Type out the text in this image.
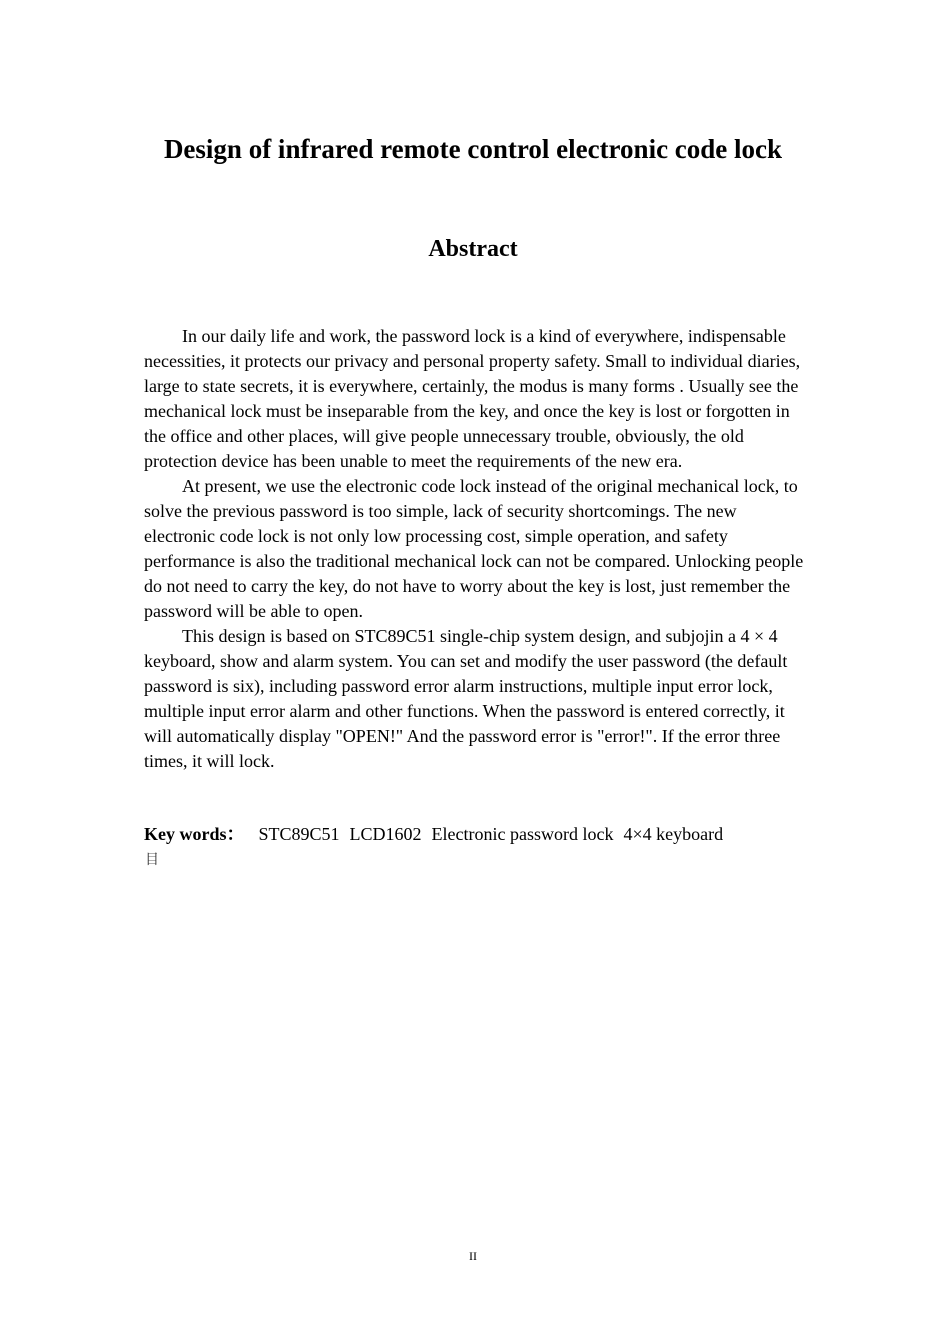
Design of infrared remote control electronic code lock
Abstract

In our daily life and work, the password lock is a kind of everywhere, indispensable necessities, it protects our privacy and personal property safety. Small to individual diaries, large to state secrets, it is everywhere, certainly, the modus is many forms . Usually see the mechanical lock must be inseparable from the key, and once the key is lost or forgotten in the office and other places, will give people unnecessary trouble, obviously, the old protection device has been unable to meet the requirements of the new era.

At present, we use the electronic code lock instead of the original mechanical lock, to solve the previous password is too simple, lack of security shortcomings. The new electronic code lock is not only low processing cost, simple operation, and safety performance is also the traditional mechanical lock can not be compared. Unlocking people do not need to carry the key, do not have to worry about the key is lost, just remember the password will be able to open.

This design is based on STC89C51 single-chip system design, and subjojin a 4 × 4 keyboard, show and alarm system. You can set and modify the user password (the default password is six), including password error alarm instructions, multiple input error lock, multiple input error alarm and other functions. When the password is entered correctly, it will automatically display "OPEN!" And the password error is "error!". If the error three times, it will lock.

Key words： STC89C51 LCD1602 Electronic password lock 4×4 keyboard
目
II
